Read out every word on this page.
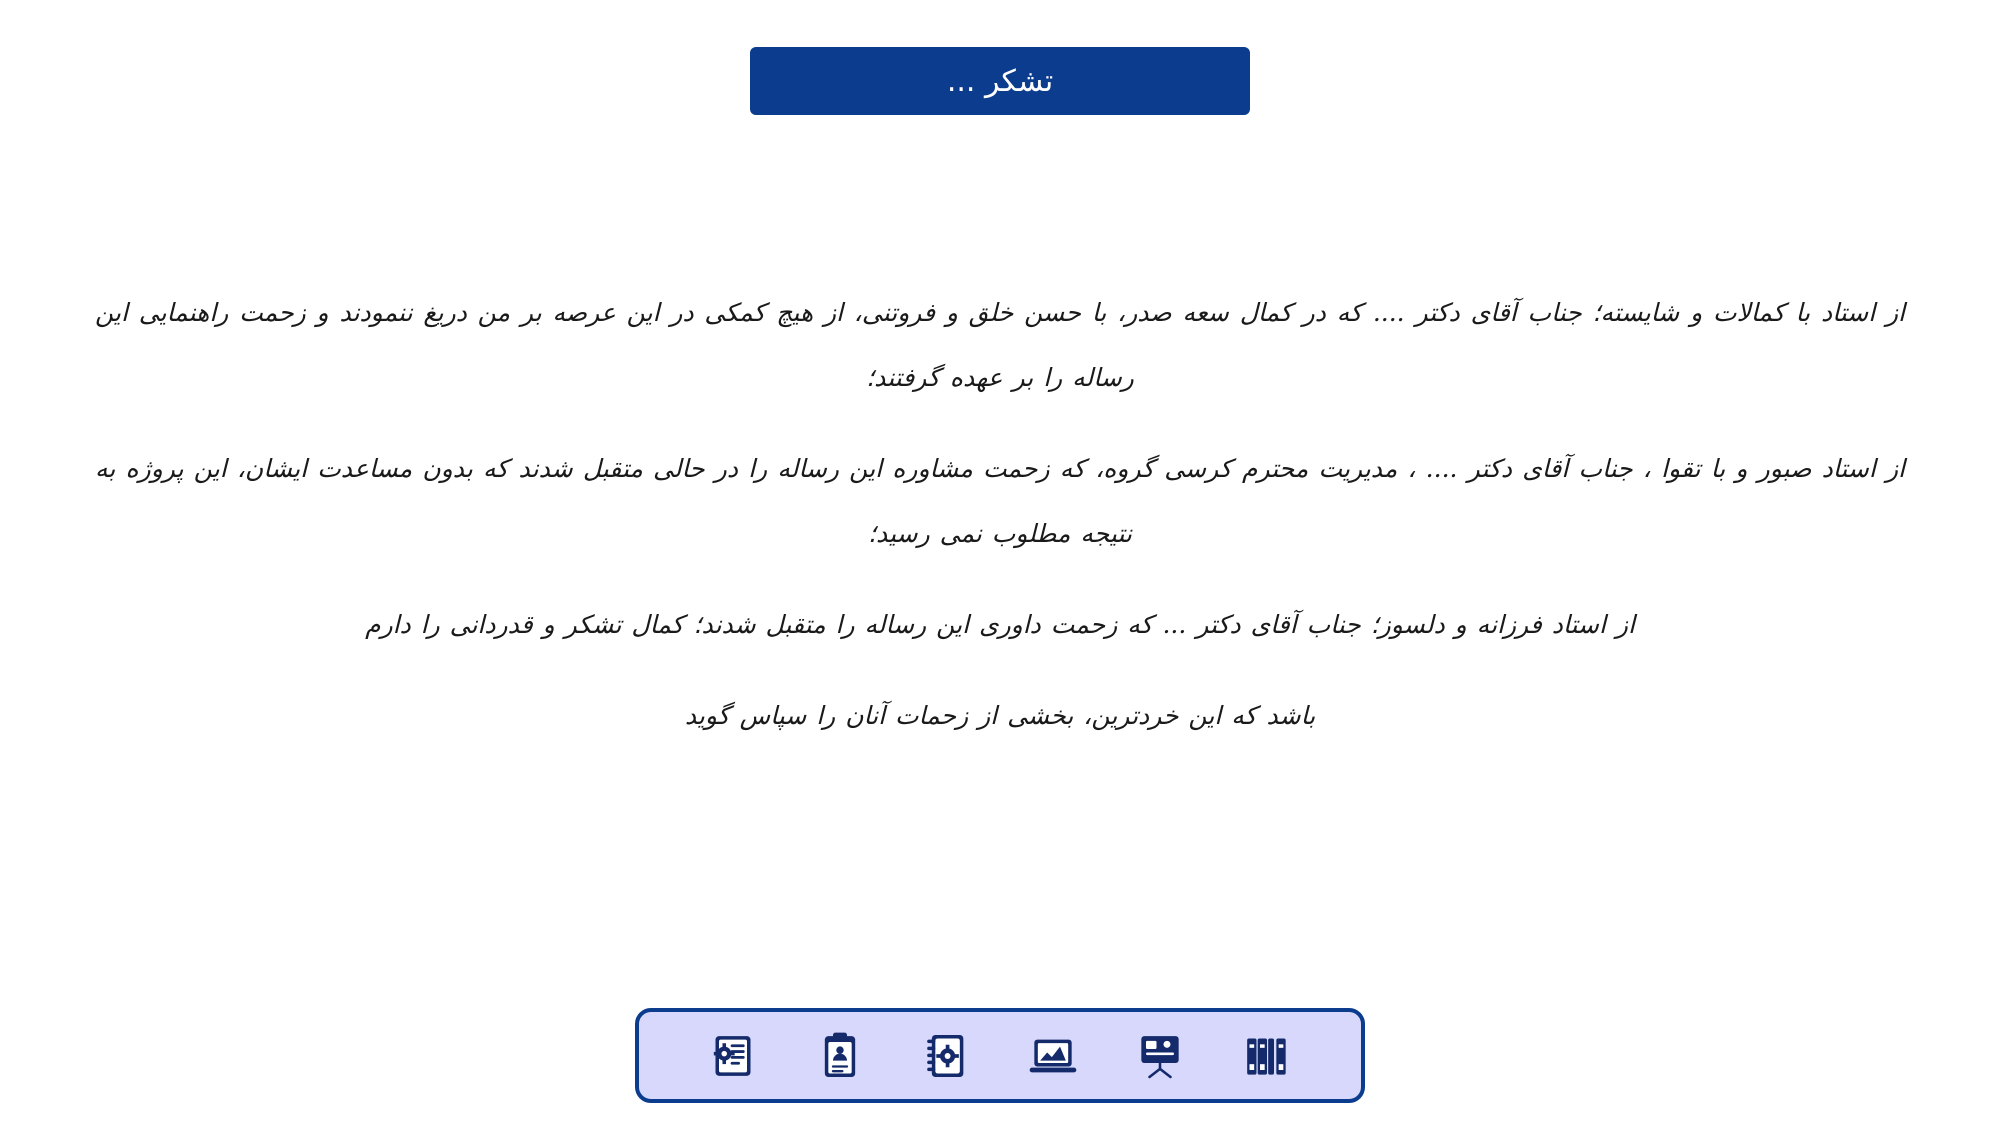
تشکر ...

از استاد با کمالات و شایسته؛ جناب آقای دکتر .... که در کمال سعه صدر، با حسن خلق و فروتنی، از هیچ کمکی در این عرصه بر من دریغ ننمودند و زحمت راهنمایی این رساله را بر عهده گرفتند؛

از استاد صبور و با تقوا ، جناب آقای دکتر .... ، مدیریت محترم کرسی گروه، که زحمت مشاوره این رساله را در حالی متقبل شدند که بدون مساعدت ایشان، این پروژه به نتیجه مطلوب نمی رسید؛

از استاد فرزانه و دلسوز؛ جناب آقای دکتر ... که زحمت داوری این رساله را متقبل شدند؛ کمال تشکر و قدردانی را دارم

باشد که این خردترین، بخشی از زحمات آنان را سپاس گوید
